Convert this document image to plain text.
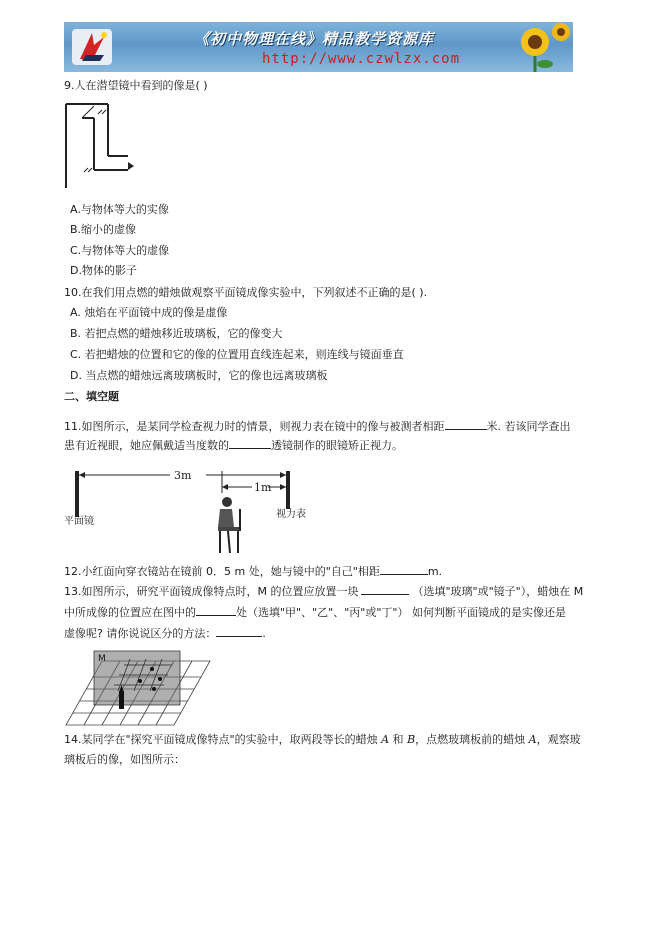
《初中物理在线》精品教学资源库
http://www.czwlzx.com
9.人在潜望镜中看到的像是( )
A.与物体等大的实像
B.缩小的虚像
C.与物体等大的虚像
D.物体的影子
10.在我们用点燃的蜡烛做观察平面镜成像实验中，下列叙述不正确的是( ).
A. 烛焰在平面镜中成的像是虚像
B. 若把点燃的蜡烛移近玻璃板，它的像变大
C. 若把蜡烛的位置和它的像的位置用直线连起来，则连线与镜面垂直
D. 当点燃的蜡烛远离玻璃板时，它的像也远离玻璃板
二、填空题
11.如图所示，是某同学检查视力时的情景，则视力表在镜中的像与被测者相距	米. 若该同学查出
患有近视眼，她应佩戴适当度数的	透镜制作的眼镜矫正视力。
3m
1m
平面镜
视力表
12.小红面向穿衣镜站在镜前 0．5 m 处，她与镜中的"自己"相距	m.
13.如图所示，研究平面镜成像特点时，M 的位置应放置一块	（选填"玻璃"或"镜子"），蜡烛在 M
中所成像的位置应在图中的	处（选填"甲"、"乙"、"丙"或"丁"） 如何判断平面镜成的是实像还是
虚像呢? 请你说说区分的方法：	.
M
14.某同学在"探究平面镜成像特点"的实验中，取两段等长的蜡烛 A 和 B，点燃玻璃板前的蜡烛 A，观察玻
璃板后的像，如图所示：
